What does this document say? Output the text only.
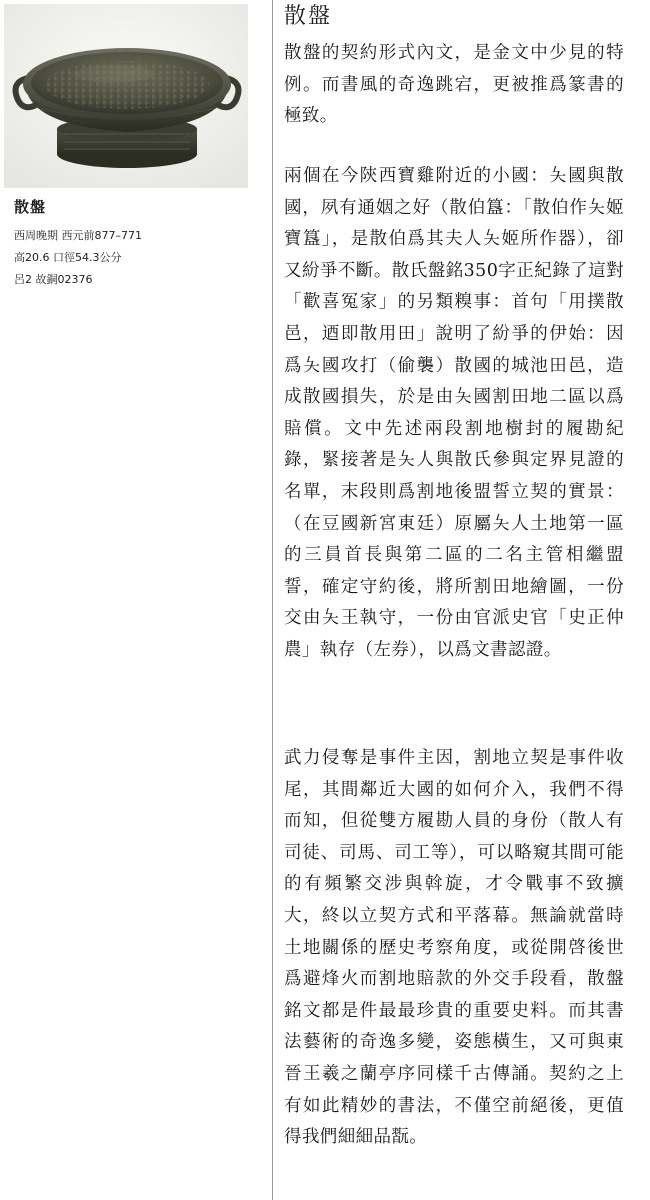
散盤
西周晚期 西元前877–771
高20.6 口徑54.3公分
呂2 故銅02376
散盤
散盤的契約形式內文，是金文中少見的特例。而書風的奇逸跳宕，更被推爲篆書的極致。
兩個在今陝西寶雞附近的小國：夨國與散國，夙有通姻之好（散伯簋：「散伯作夨姬寶簋」，是散伯爲其夫人夨姬所作器），卻又紛爭不斷。散氏盤銘350字正紀錄了這對「歡喜冤家」的另類糗事：首句「用撲散邑，迺即散用田」說明了紛爭的伊始：因爲夨國攻打（偷襲）散國的城池田邑，造成散國損失，於是由夨國割田地二區以爲賠償。文中先述兩段割地樹封的履勘紀錄，緊接著是夨人與散氏參與定界見證的名單，末段則爲割地後盟誓立契的實景：（在豆國新宮東廷）原屬夨人土地第一區的三員首長與第二區的二名主管相繼盟誓，確定守約後，將所割田地繪圖，一份交由夨王執守，一份由官派史官「史正仲農」執存（左券），以爲文書認證。
武力侵奪是事件主因，割地立契是事件收尾，其間鄰近大國的如何介入，我們不得而知，但從雙方履勘人員的身份（散人有司徒、司馬、司工等），可以略窺其間可能的有頻繁交涉與斡旋，才令戰事不致擴大，終以立契方式和平落幕。無論就當時土地關係的歷史考察角度，或從開啓後世爲避烽火而割地賠款的外交手段看，散盤銘文都是件最最珍貴的重要史料。而其書法藝術的奇逸多變，姿態橫生，又可與東晉王羲之蘭亭序同樣千古傳誦。契約之上有如此精妙的書法，不僅空前絕後，更值得我們細細品翫。
